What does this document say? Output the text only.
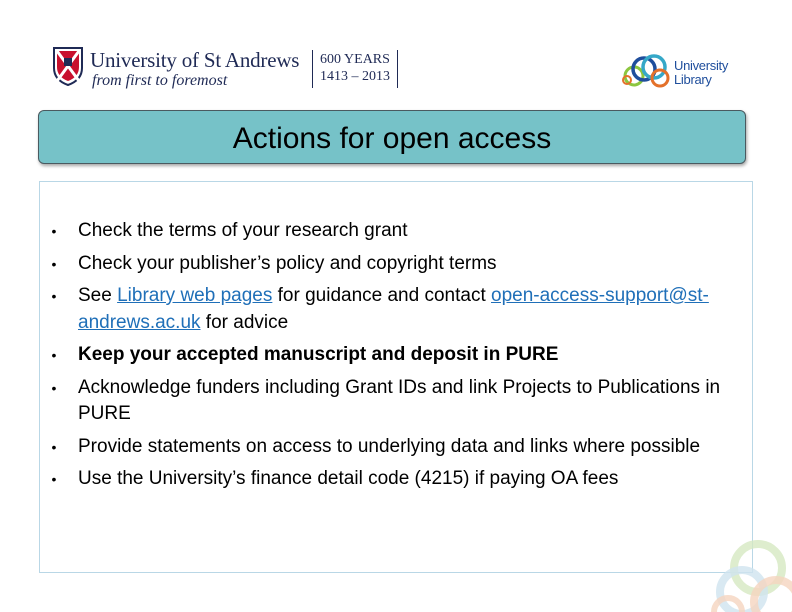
University of St Andrews
from first to foremost
600 YEARS
1413 – 2013
University
Library
Actions for open access
•	Check the terms of your research grant
•	Check your publisher’s policy and copyright terms
•	See Library web pages for guidance and contact open-access-support@st-andrews.ac.uk for advice
•	Keep your accepted manuscript and deposit in PURE
•	Acknowledge funders including Grant IDs and link Projects to Publications in PURE
•	Provide statements on access to underlying data and links where possible
•	Use the University’s finance detail code (4215) if paying OA fees
